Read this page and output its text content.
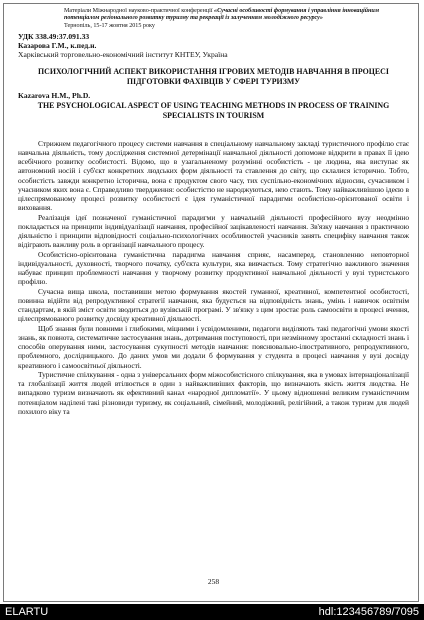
Матеріали Міжнародної науково-практичної конференції «Сучасні особливості формування і управління інноваційним потенціалом регіонального розвитку туризму та рекреації із залученням молодіжного ресурсу»
Тернопіль, 15-17 жовтня 2015 року
УДК 338.49:37.091.33
Казарова Г.М., к.пед.н.
Харківський торговельно-економічний інститут КНТЕУ, Україна
ПСИХОЛОГІЧНИЙ АСПЕКТ ВИКОРИСТАННЯ ІГРОВИХ МЕТОДІВ НАВЧАННЯ В ПРОЦЕСІ ПІДГОТОВКИ ФАХІВЦІВ У СФЕРІ ТУРИЗМУ
Kazarova H.M., Ph.D.
THE PSYCHOLOGICAL ASPECT OF USING TEACHING METHODS IN PROCESS OF TRAINING SPECIALISTS IN TOURISM

Стрижнем педагогічного процесу системи навчання в спеціальному навчальному закладі туристичного профілю стає навчальна діяльність, тому дослідження системної детермінації навчальної діяльності допоможе відкрити в правах її ідею всебічного розвитку особистості. Відомо, що в узагальненому розумінні особистість - це людина, яка виступає як автономний носій і суб'єкт конкретних людських форм діяльності та ставлення до світу, що склалися історично. Тобто, особистість завжди конкретно історична, вона є продуктом свого часу, тих суспільно-економічних відносин, сучасником і учасником яких вона є. Справедливо твердження: особистістю не народжуються, нею стають. Тому найважливішою ідеєю в цілеспрямованому процесі розвитку особистості є ідея гуманістичної парадигми особистісно-орієнтованої освіти і виховання.

Реалізація ідеї позначеної гуманістичної парадигми у навчальній діяльності професійного вузу неодмінно покладається на принципи індивідуалізації навчання, професійної зацікавленості навчання. Зв'язку навчання з практичною діяльністю і принципи відповідності соціально-психологічних особливостей учасників занять специфіку навчання також відіграють важливу роль в організації навчального процесу.

Особистісно-орієнтована гуманістична парадигма навчання сприяє, насамперед, становленню неповторної індивідуальності, духовності, творчого початку, суб'єкта культури, яка вивчається. Тому стратегічно важливого значення набуває принцип проблемності навчання у творчому розвитку продуктивної навчальної діяльності у вузі туристського профілю.

Сучасна вища школа, поставивши метою формування якостей гуманної, креативної, компетентної особистості, повинна відійти від репродуктивної стратегії навчання, яка будується на відповідність знань, умінь і навичок освітнім стандартам, в якій зміст освіти зводиться до вузівській програмі. У зв'язку з цим зростає роль самоосвіти в процесі вчення, цілеспрямованого розвитку досвіду креативної діяльності.

Щоб знання були повними і глибокими, міцними і усвідомленими, педагоги виділяють такі педагогічні умови якості знань, як повнота, систематичне застосування знань, дотримання поступовості, при незмінному зростанні складності знань і способів оперування ними, застосування сукупності методів навчання: пояснювально-ілюстративного, репродуктивного, проблемного, дослідницького. До даних умов ми додали б формування у студента в процесі навчання у вузі досвіду креативного і самоосвітньої діяльності.

Туристичне спілкування - одна з універсальних форм міжособистісного спілкування, яка в умовах інтернаціоналізації та глобалізації життя людей втілюється в один з найважливіших факторів, що визначають якість життя людства. Не випадково туризм визначають як ефективний канал «народної дипломатії». У цьому відношенні великим гуманістичним потенціалом наділені такі різновиди туризму, як соціальний, сімейний, молодіжний, релігійний, а також туризм для людей похилого віку та

258
ELARTU	hdl:123456789/7095
